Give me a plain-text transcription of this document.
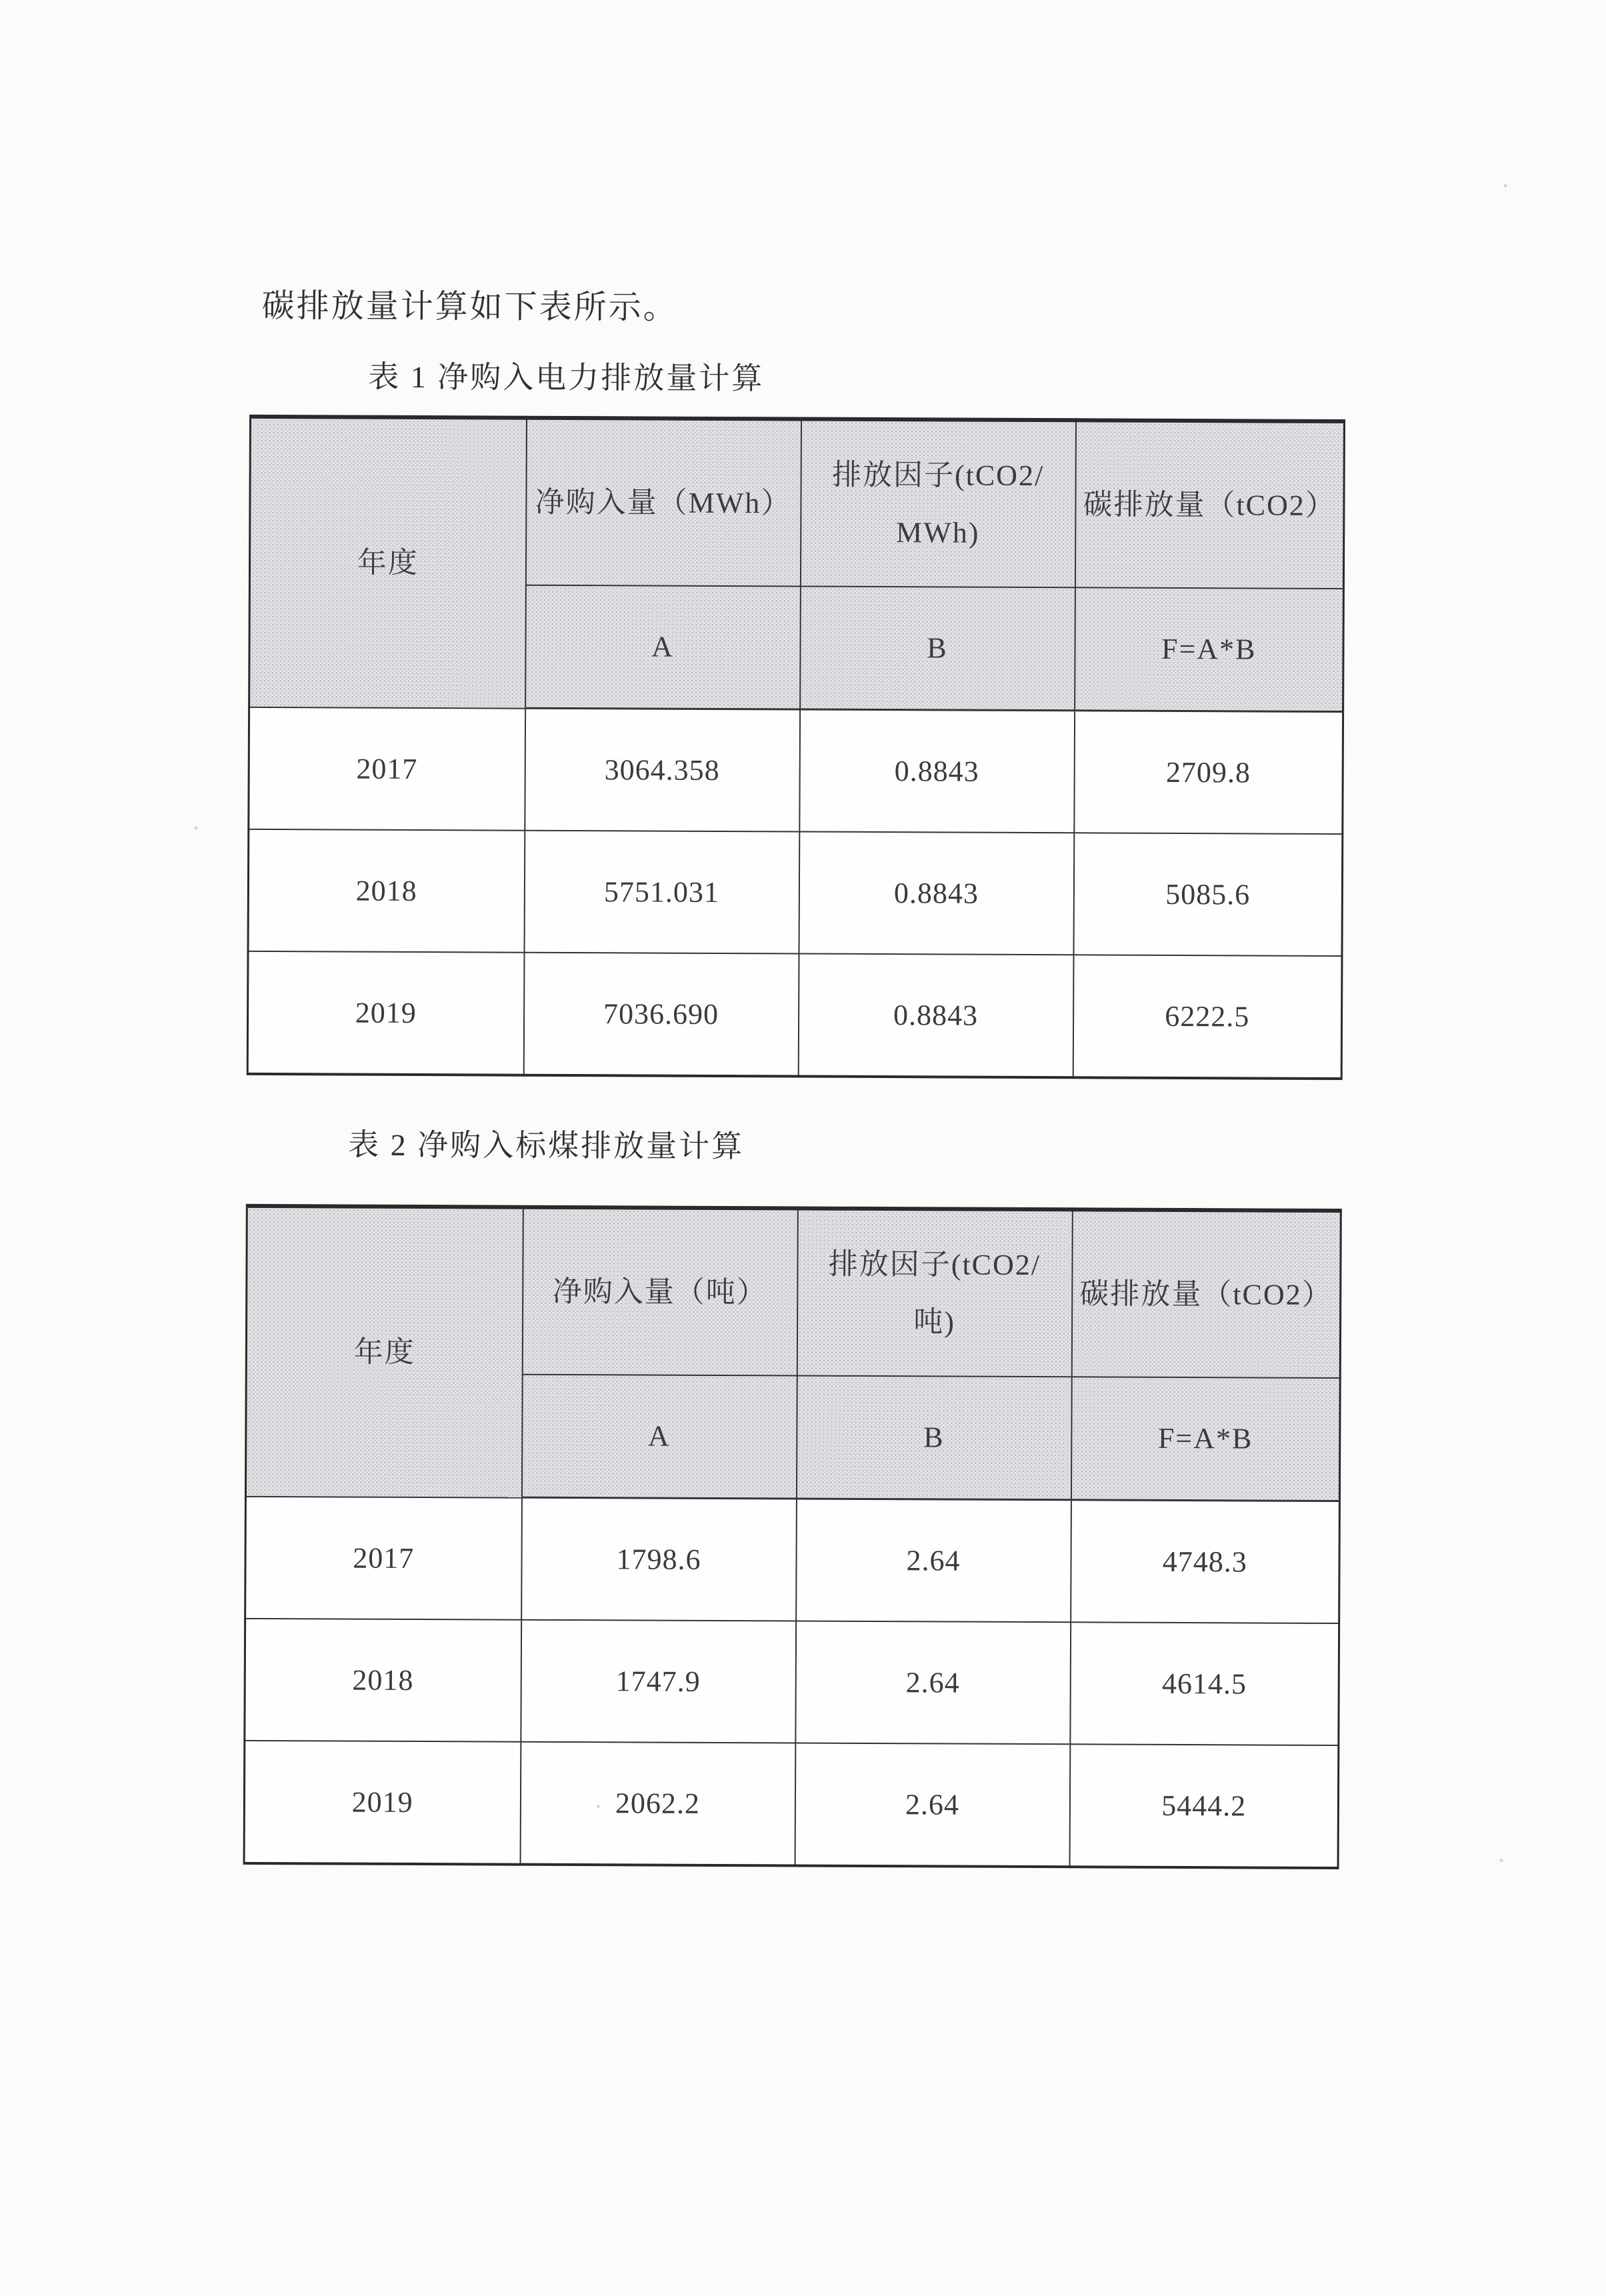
碳排放量计算如下表所示。

表 1 净购入电力排放量计算
年度	净购入量（MWh）	排放因子(tCO2/ MWh)	碳排放量（tCO2）
	A	B	F=A*B
2017	3064.358	0.8843	2709.8
2018	5751.031	0.8843	5085.6
2019	7036.690	0.8843	6222.5
表 2 净购入标煤排放量计算
年度	净购入量（吨）	排放因子(tCO2/ 吨)	碳排放量（tCO2）
	A	B	F=A*B
2017	1798.6	2.64	4748.3
2018	1747.9	2.64	4614.5
2019	2062.2	2.64	5444.2
